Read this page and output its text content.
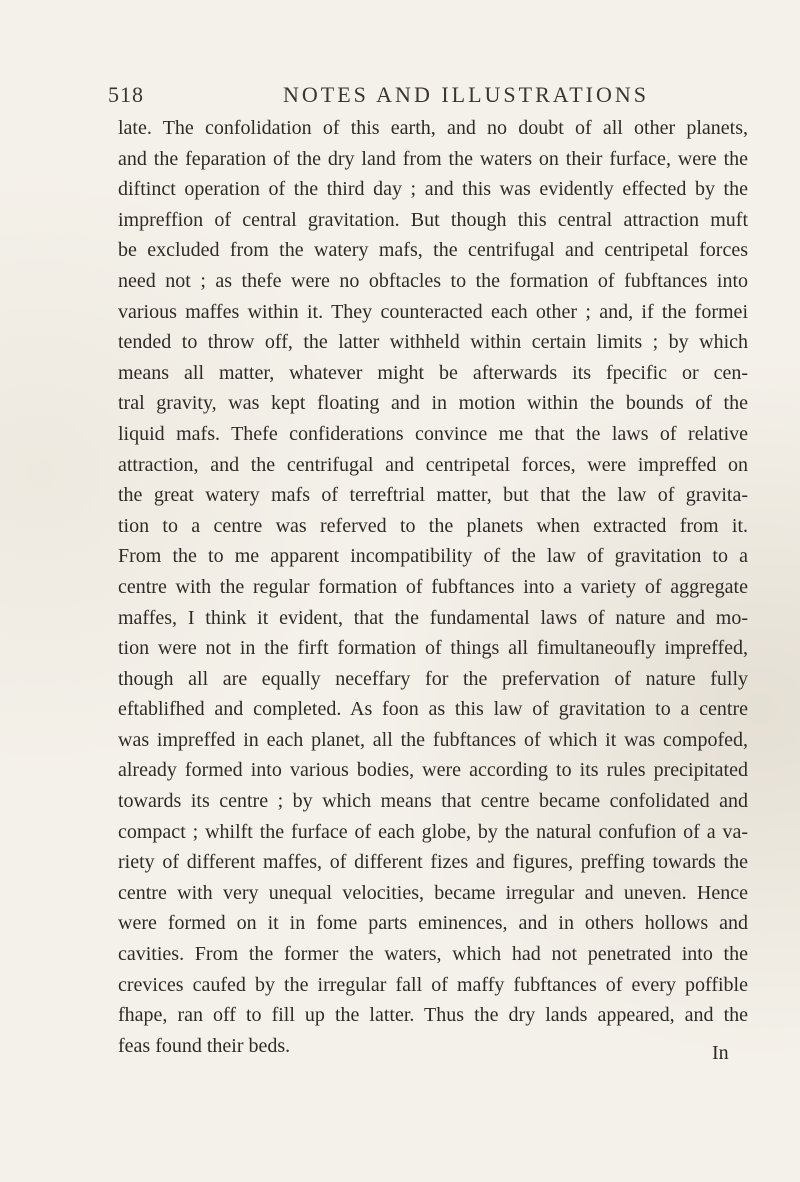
518	NOTES AND ILLUSTRATIONS
late. The confolidation of this earth, and no doubt of all other planets,
and the feparation of the dry land from the waters on their furface, were the
diftinct operation of the third day ; and this was evidently effected by the
impreffion of central gravitation. But though this central attraction muft
be excluded from the watery mafs, the centrifugal and centripetal forces
need not ; as thefe were no obftacles to the formation of fubftances into
various maffes within it. They counteracted each other ; and, if the formei
tended to throw off, the latter withheld within certain limits ; by which
means all matter, whatever might be afterwards its fpecific or cen-
tral gravity, was kept floating and in motion within the bounds of the
liquid mafs. Thefe confiderations convince me that the laws of relative
attraction, and the centrifugal and centripetal forces, were impreffed on
the great watery mafs of terreftrial matter, but that the law of gravita-
tion to a centre was referved to the planets when extracted from it.
From the to me apparent incompatibility of the law of gravitation to a
centre with the regular formation of fubftances into a variety of aggregate
maffes, I think it evident, that the fundamental laws of nature and mo-
tion were not in the firft formation of things all fimultaneoufly impreffed,
though all are equally neceffary for the prefervation of nature fully
eftablifhed and completed. As foon as this law of gravitation to a centre
was impreffed in each planet, all the fubftances of which it was compofed,
already formed into various bodies, were according to its rules precipitated
towards its centre ; by which means that centre became confolidated and
compact ; whilft the furface of each globe, by the natural confufion of a va-
riety of different maffes, of different fizes and figures, preffing towards the
centre with very unequal velocities, became irregular and uneven. Hence
were formed on it in fome parts eminences, and in others hollows and
cavities. From the former the waters, which had not penetrated into the
crevices caufed by the irregular fall of maffy fubftances of every poffible
fhape, ran off to fill up the latter. Thus the dry lands appeared, and the
feas found their beds.	In
